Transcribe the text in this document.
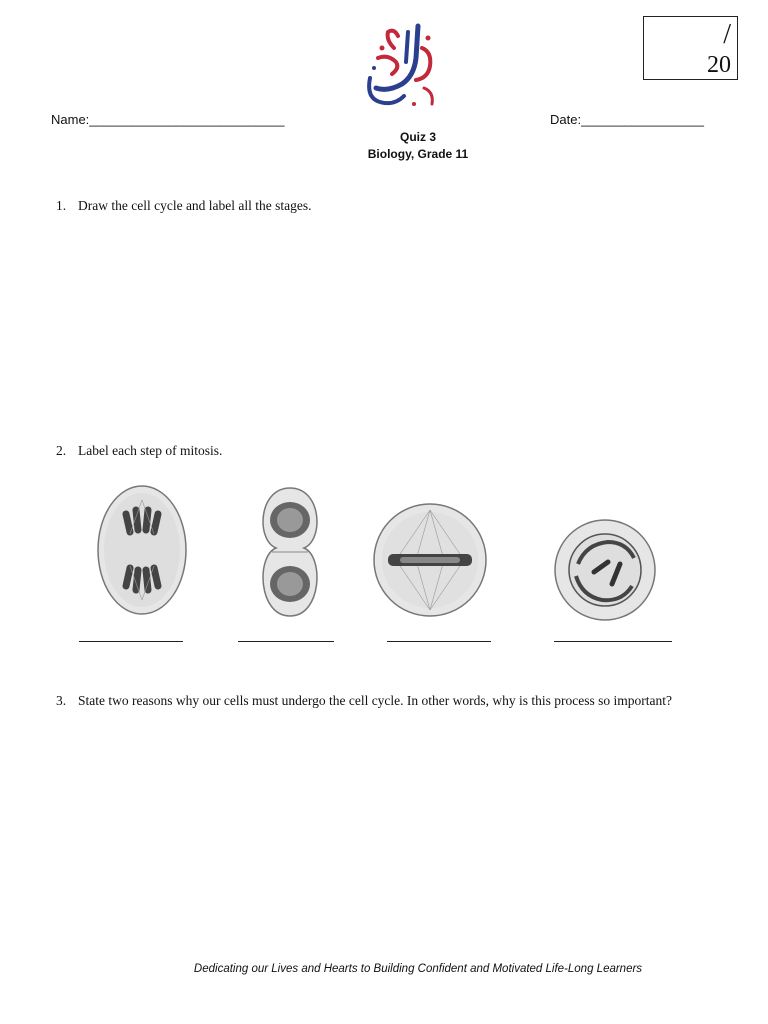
/
20
Name:___________________________	Date:_________________
Quiz 3
Biology, Grade 11
1. Draw the cell cycle and label all the stages.
2. Label each step of mitosis.
3. State two reasons why our cells must undergo the cell cycle. In other words, why is this process so important?
Dedicating our Lives and Hearts to Building Confident and Motivated Life-Long Learners
